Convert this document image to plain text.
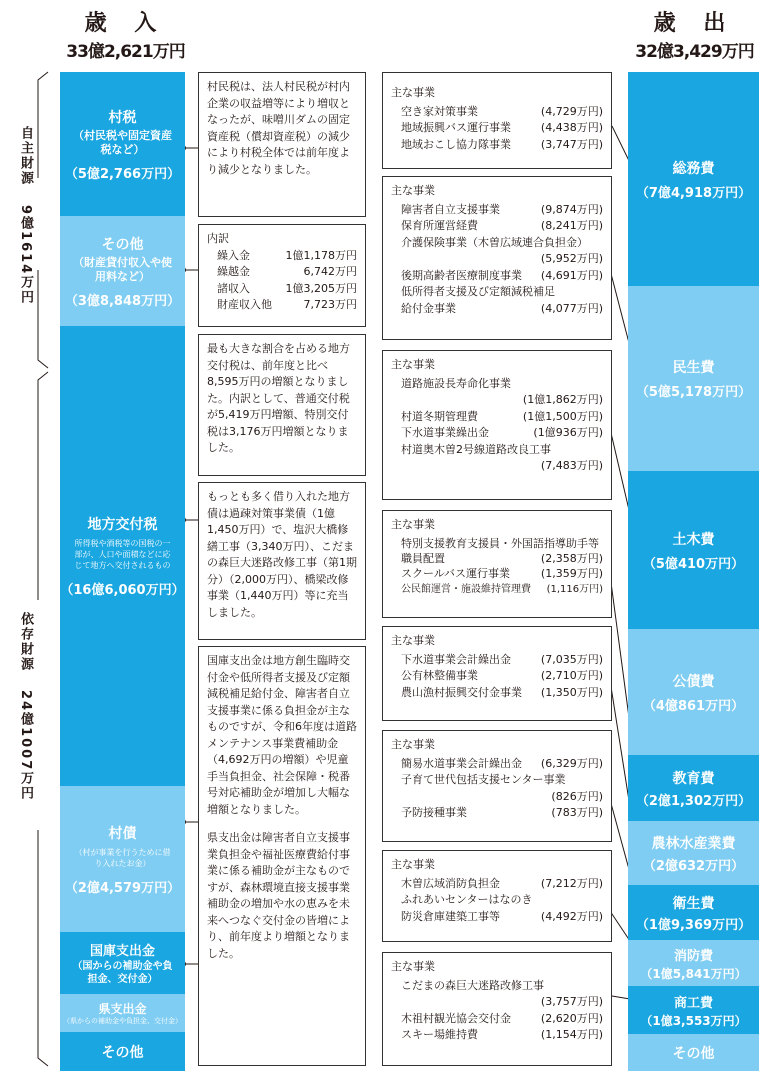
歳 入
33億2,621万円
歳 出
32億3,429万円
自主財源
9億1614万円
依存財源
24億1007万円
村税
（村民税や固定資産税など）
（5億2,766万円）
その他
（財産貸付収入や使用料など）
（3億8,848万円）
地方交付税
所得税や酒税等の国税の一部が、人口や面積などに応じて地方へ交付されるもの
（16億6,060万円）
村債
（村が事業を行うために借り入れたお金）
（2億4,579万円）
国庫支出金
（国からの補助金や負担金、交付金）
県支出金
（県からの補助金や負担金、交付金）
その他
村民税は、法人村民税が村内企業の収益増等により増収となったが、味噌川ダムの固定資産税（償却資産税）の減少により村税全体では前年度より減少となりました。
内訳
繰入金	1億1,178万円
繰越金	6,742万円
諸収入	1億3,205万円
財産収入他	7,723万円
最も大きな割合を占める地方交付税は、前年度と比べ8,595万円の増額となりました。内訳として、普通交付税が5,419万円増額、特別交付税は3,176万円増額となりました。
もっとも多く借り入れた地方債は過疎対策事業債（1億1,450万円）で、塩沢大橋修繕工事（3,340万円）、こだまの森巨大迷路改修工事（第1期分）（2,000万円）、橋梁改修事業（1,440万円）等に充当しました。
国庫支出金は地方創生臨時交付金や低所得者支援及び定額減税補足給付金、障害者自立支援事業に係る負担金が主なものですが、令和6年度は道路メンテナンス事業費補助金（4,692万円の増額）や児童手当負担金、社会保障・税番号対応補助金が増加し大幅な増額となりました。
県支出金は障害者自立支援事業負担金や福祉医療費給付事業に係る補助金が主なものですが、森林環境直接支援事業補助金の増加や水の恵みを未来へつなぐ交付金の皆増により、前年度より増額となりました。
主な事業
空き家対策事業	(4,729万円)
地域振興バス運行事業	(4,438万円)
地域おこし協力隊事業	(3,747万円)
主な事業
障害者自立支援事業	(9,874万円)
保育所運営経費	(8,241万円)
介護保険事業（木曽広域連合負担金）
(5,952万円)
後期高齢者医療制度事業 (4,691万円)
低所得者支援及び定額減税補足
給付金事業	(4,077万円)
主な事業
道路施設長寿命化事業
(1億1,862万円)
村道冬期管理費	(1億1,500万円)
下水道事業繰出金	(1億936万円)
村道奥木曽2号線道路改良工事
(7,483万円)
主な事業
特別支援教育支援員・外国語指導助手等職員配置	(2,358万円)
スクールバス運行事業	(1,359万円)
公民館運営・施設維持管理費 (1,116万円)
主な事業
下水道事業会計繰出金	(7,035万円)
公有林整備事業	(2,710万円)
農山漁村振興交付金事業 (1,350万円)
主な事業
簡易水道事業会計繰出金 (6,329万円)
子育て世代包括支援センター事業
(826万円)
予防接種事業	(783万円)
主な事業
木曽広域消防負担金	(7,212万円)
ふれあいセンターはなのき
防災倉庫建築工事等	(4,492万円)
主な事業
こだまの森巨大迷路改修工事
(3,757万円)
木祖村観光協会交付金	(2,620万円)
スキー場維持費	(1,154万円)
総務費
（7億4,918万円）
民生費
（5億5,178万円）
土木費
（5億410万円）
公債費
（4億861万円）
教育費
（2億1,302万円）
農林水産業費
（2億632万円）
衛生費
（1億9,369万円）
消防費
（1億5,841万円）
商工費
（1億3,553万円）
その他
